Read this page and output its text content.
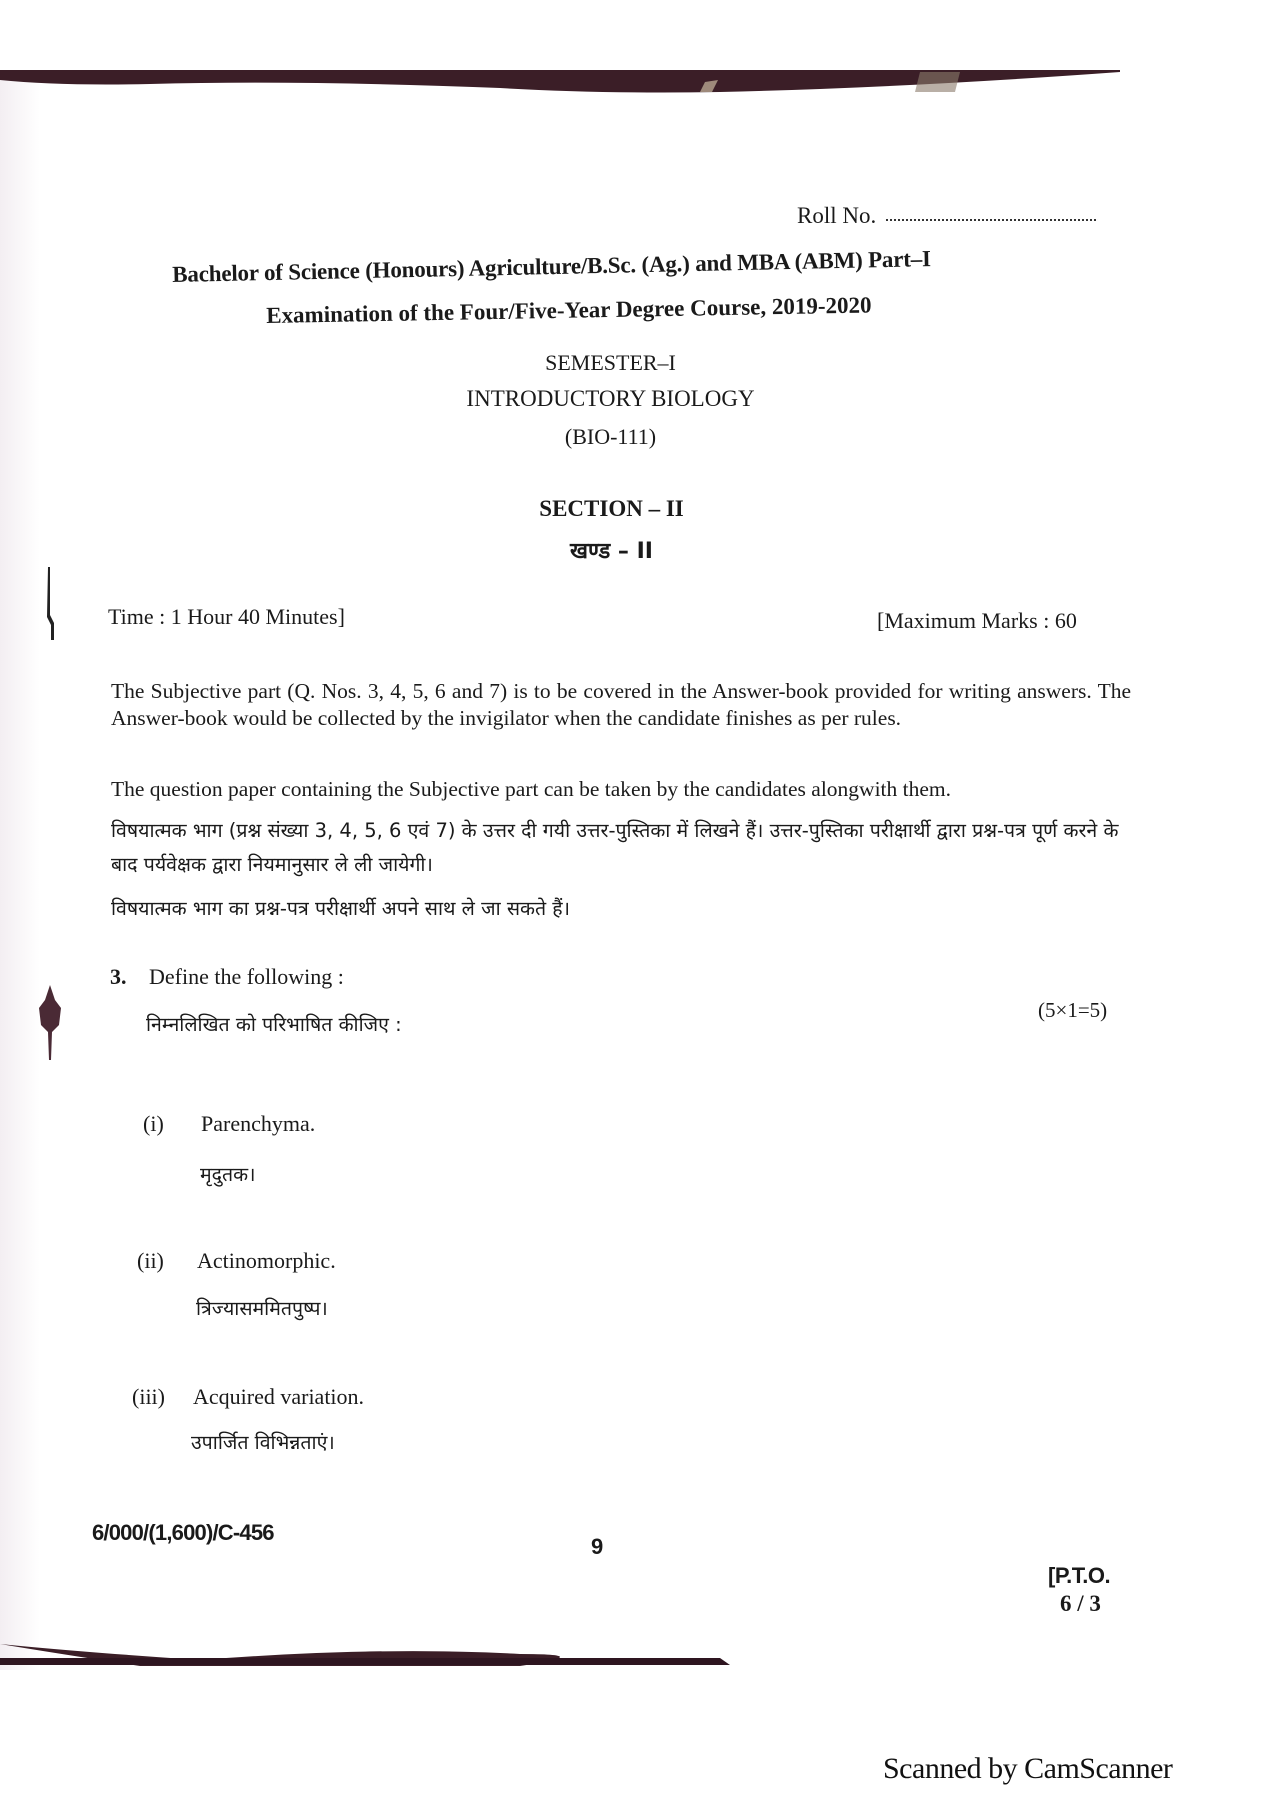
Roll No.
Bachelor of Science (Honours) Agriculture/B.Sc. (Ag.) and MBA (ABM) Part–I
Examination of the Four/Five-Year Degree Course, 2019-2020
SEMESTER–I
INTRODUCTORY BIOLOGY
(BIO-111)
SECTION – II
खण्ड – II
Time : 1 Hour 40 Minutes]	[Maximum Marks : 60
The Subjective part (Q. Nos. 3, 4, 5, 6 and 7) is to be covered in the Answer-book provided for writing answers. The Answer-book would be collected by the invigilator when the candidate finishes as per rules.
The question paper containing the Subjective part can be taken by the candidates alongwith them.
विषयात्मक भाग (प्रश्न संख्या 3, 4, 5, 6 एवं 7) के उत्तर दी गयी उत्तर-पुस्तिका में लिखने हैं। उत्तर-पुस्तिका परीक्षार्थी द्वारा प्रश्न-पत्र पूर्ण करने के बाद पर्यवेक्षक द्वारा नियमानुसार ले ली जायेगी।
विषयात्मक भाग का प्रश्न-पत्र परीक्षार्थी अपने साथ ले जा सकते हैं।
3. Define the following :
निम्नलिखित को परिभाषित कीजिए :
(5×1=5)
(i) Parenchyma.
मृदुतक।
(ii) Actinomorphic.
त्रिज्यासममितपुष्प।
(iii) Acquired variation.
उपार्जित विभिन्नताएं।
6/000/(1,600)/C-456
9
[P.T.O.
6 / 3
Scanned by CamScanner
